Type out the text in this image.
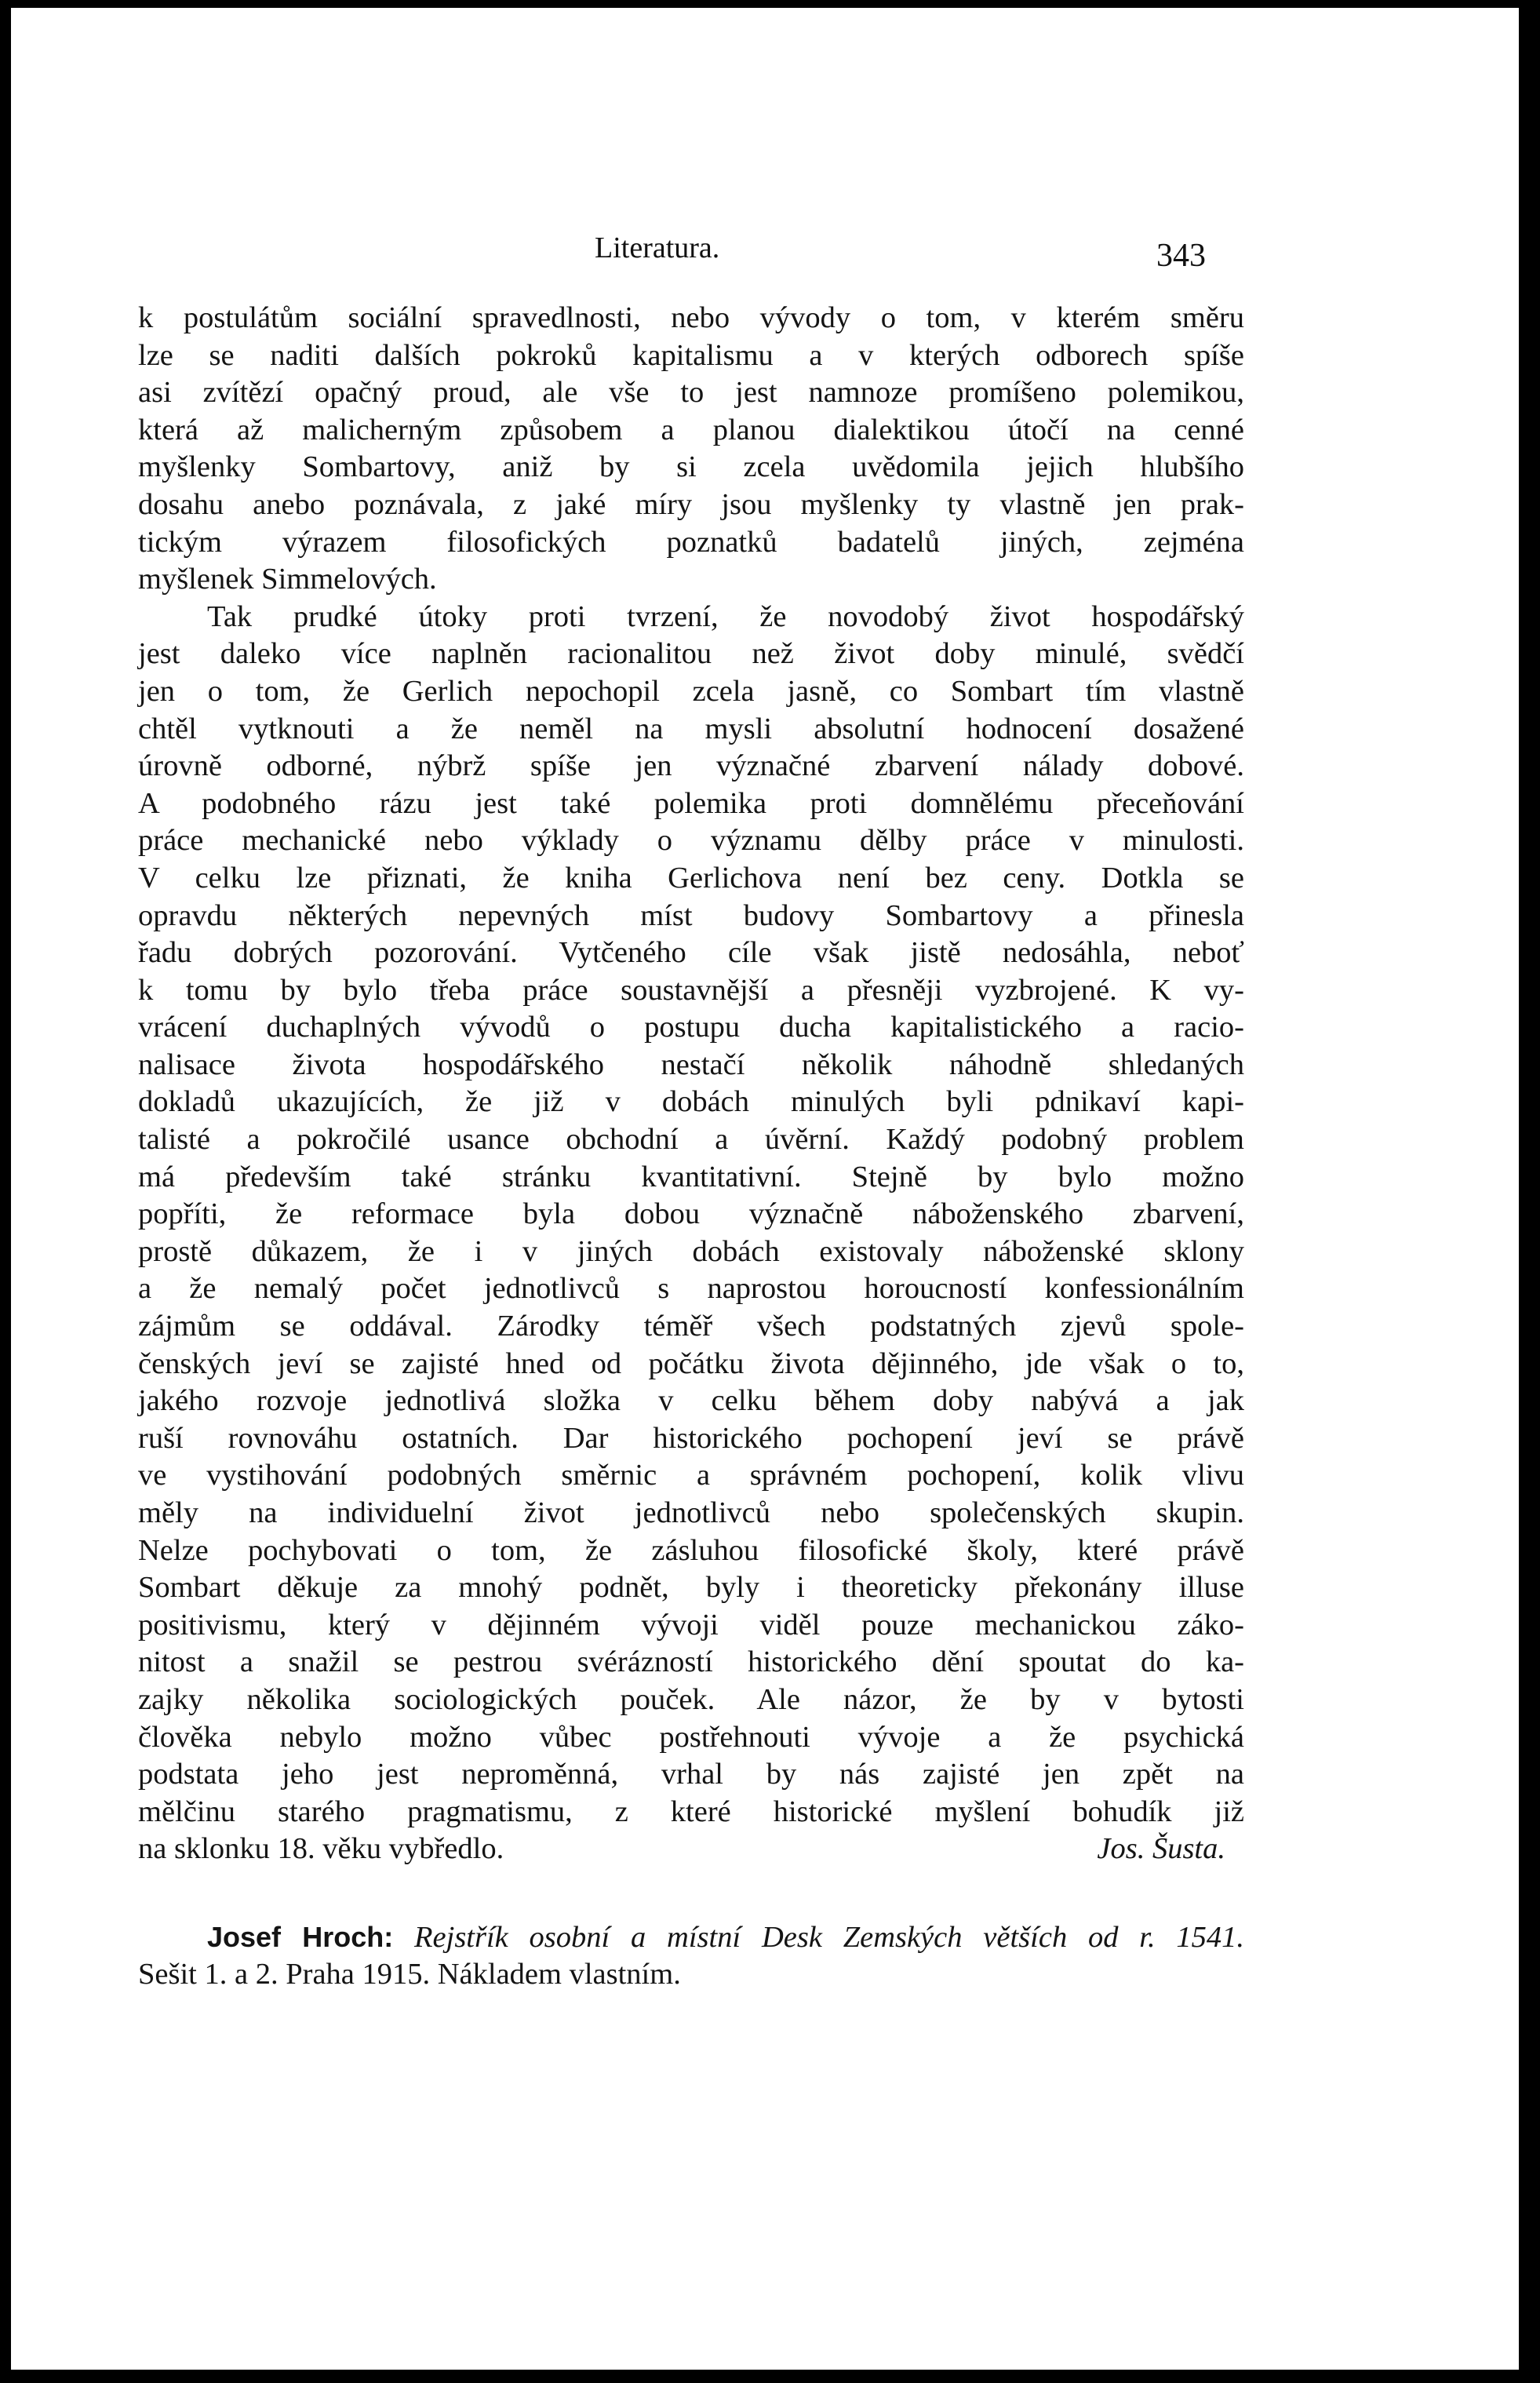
Literatura.	343
k postulátům sociální spravedlnosti, nebo vývody o tom, v kterém směru
lze se naditi dalších pokroků kapitalismu a v kterých odborech spíše
asi zvítězí opačný proud, ale vše to jest namnoze promíšeno polemikou,
která až malicherným způsobem a planou dialektikou útočí na cenné
myšlenky Sombartovy, aniž by si zcela uvědomila jejich hlubšího
dosahu anebo poznávala, z jaké míry jsou myšlenky ty vlastně jen prak-
tickým výrazem filosofických poznatků badatelů jiných, zejména
myšlenek Simmelových.
Tak prudké útoky proti tvrzení, že novodobý život hospodářský
jest daleko více naplněn racionalitou než život doby minulé, svědčí
jen o tom, že Gerlich nepochopil zcela jasně, co Sombart tím vlastně
chtěl vytknouti a že neměl na mysli absolutní hodnocení dosažené
úrovně odborné, nýbrž spíše jen význačné zbarvení nálady dobové.
A podobného rázu jest také polemika proti domnělému přeceňování
práce mechanické nebo výklady o významu dělby práce v minulosti.
V celku lze přiznati, že kniha Gerlichova není bez ceny. Dotkla se
opravdu některých nepevných míst budovy Sombartovy a přinesla
řadu dobrých pozorování. Vytčeného cíle však jistě nedosáhla, neboť
k tomu by bylo třeba práce soustavnější a přesněji vyzbrojené. K vy-
vrácení duchaplných vývodů o postupu ducha kapitalistického a racio-
nalisace života hospodářského nestačí několik náhodně shledaných
dokladů ukazujících, že již v dobách minulých byli pdnikaví kapi-
talisté a pokročilé usance obchodní a úvěrní. Každý podobný problem
má především také stránku kvantitativní. Stejně by bylo možno
popříti, že reformace byla dobou význačně náboženského zbarvení,
prostě důkazem, že i v jiných dobách existovaly náboženské sklony
a že nemalý počet jednotlivců s naprostou horoucností konfessionálním
zájmům se oddával. Zárodky téměř všech podstatných zjevů spole-
čenských jeví se zajisté hned od počátku života dějinného, jde však o to,
jakého rozvoje jednotlivá složka v celku během doby nabývá a jak
ruší rovnováhu ostatních. Dar historického pochopení jeví se právě
ve vystihování podobných směrnic a správném pochopení, kolik vlivu
měly na individuelní život jednotlivců nebo společenských skupin.
Nelze pochybovati o tom, že zásluhou filosofické školy, které právě
Sombart děkuje za mnohý podnět, byly i theoreticky překonány illuse
positivismu, který v dějinném vývoji viděl pouze mechanickou záko-
nitost a snažil se pestrou svérázností historického dění spoutat do ka-
zajky několika sociologických pouček. Ale názor, že by v bytosti
člověka nebylo možno vůbec postřehnouti vývoje a že psychická
podstata jeho jest neproměnná, vrhal by nás zajisté jen zpět na
mělčinu starého pragmatismu, z které historické myšlení bohudík již
na sklonku 18. věku vybředlo.	Jos. Šusta.
Josef Hroch: Rejstřík osobní a místní Desk Zemských větších od r. 1541.
Sešit 1. a 2. Praha 1915. Nákladem vlastním.
